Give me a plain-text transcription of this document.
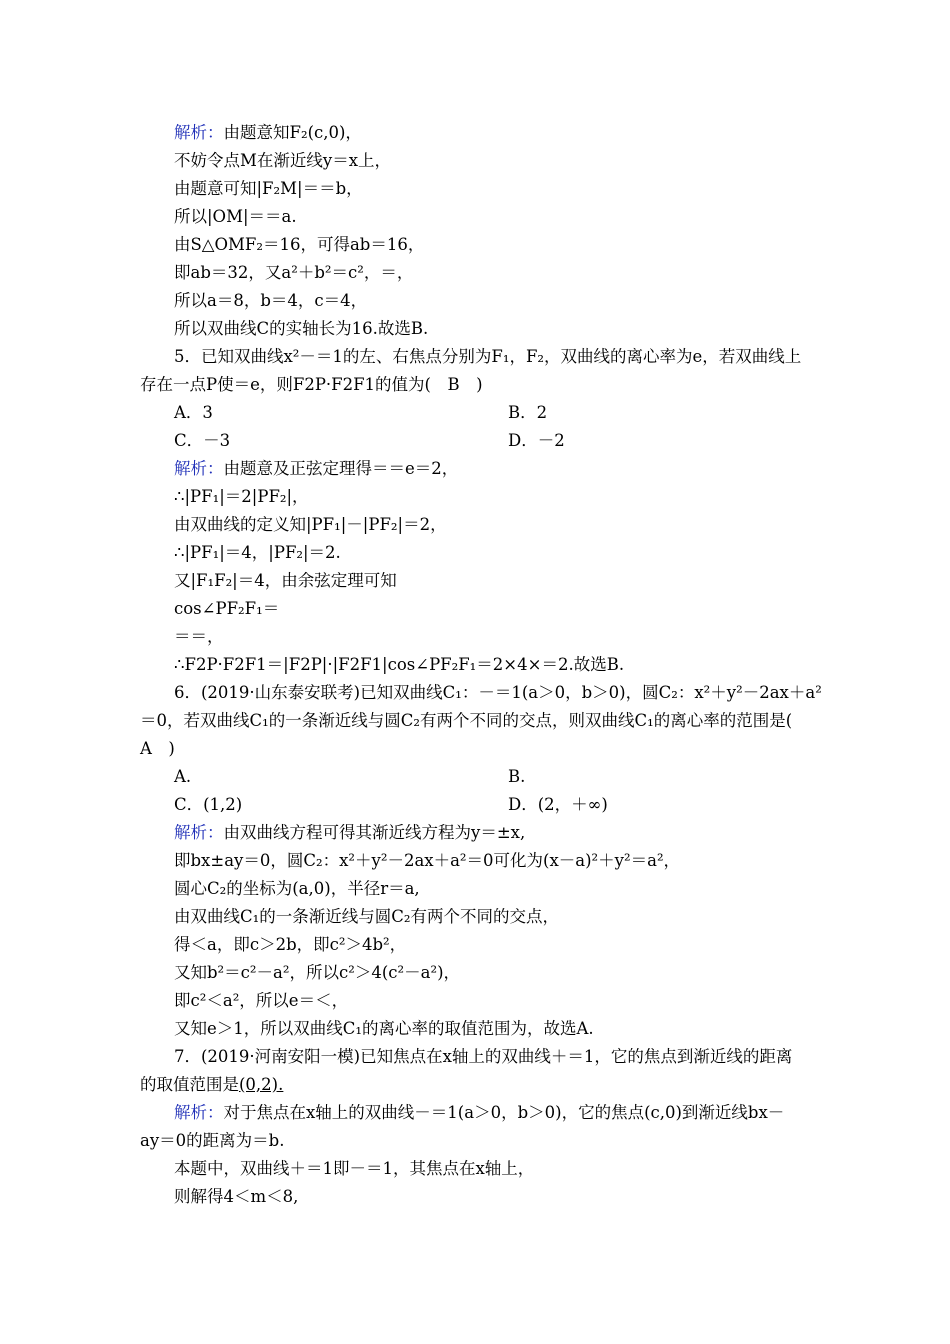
解析：由题意知F₂(c,0)，
不妨令点M在渐近线y＝x上，
由题意可知|F₂M|＝＝b，
所以|OM|＝＝a.
由S△OMF₂＝16，可得ab＝16，
即ab＝32，又a²＋b²＝c²，＝，
所以a＝8，b＝4，c＝4，
所以双曲线C的实轴长为16.故选B.
5．已知双曲线x²－＝1的左、右焦点分别为F₁，F₂，双曲线的离心率为e，若双曲线上
存在一点P使＝e，则F2P·F2F1的值为(　B　)
A．3	B．2
C．－3	D．－2
解析：由题意及正弦定理得＝＝e＝2，
∴|PF₁|＝2|PF₂|，
由双曲线的定义知|PF₁|－|PF₂|＝2，
∴|PF₁|＝4，|PF₂|＝2.
又|F₁F₂|＝4，由余弦定理可知
cos∠PF₂F₁＝
＝＝，
∴F2P·F2F1＝|F2P|·|F2F1|cos∠PF₂F₁＝2×4×＝2.故选B.
6．(2019·山东泰安联考)已知双曲线C₁：－＝1(a＞0，b＞0)，圆C₂：x²＋y²－2ax＋a²
＝0，若双曲线C₁的一条渐近线与圆C₂有两个不同的交点，则双曲线C₁的离心率的范围是(
A　)
A.	B.
C．(1,2)	D．(2，＋∞)
解析：由双曲线方程可得其渐近线方程为y＝±x,
即bx±ay＝0，圆C₂：x²＋y²－2ax＋a²＝0可化为(x－a)²＋y²＝a²，
圆心C₂的坐标为(a,0)，半径r＝a,
由双曲线C₁的一条渐近线与圆C₂有两个不同的交点，
得＜a，即c＞2b，即c²＞4b²，
又知b²＝c²－a²，所以c²＞4(c²－a²)，
即c²＜a²，所以e＝＜，
又知e＞1，所以双曲线C₁的离心率的取值范围为，故选A.
7．(2019·河南安阳一模)已知焦点在x轴上的双曲线＋＝1，它的焦点到渐近线的距离
的取值范围是(0,2).
解析：对于焦点在x轴上的双曲线－＝1(a＞0，b＞0)，它的焦点(c,0)到渐近线bx－
ay＝0的距离为＝b.
本题中，双曲线＋＝1即－＝1，其焦点在x轴上，
则解得4＜m＜8,
